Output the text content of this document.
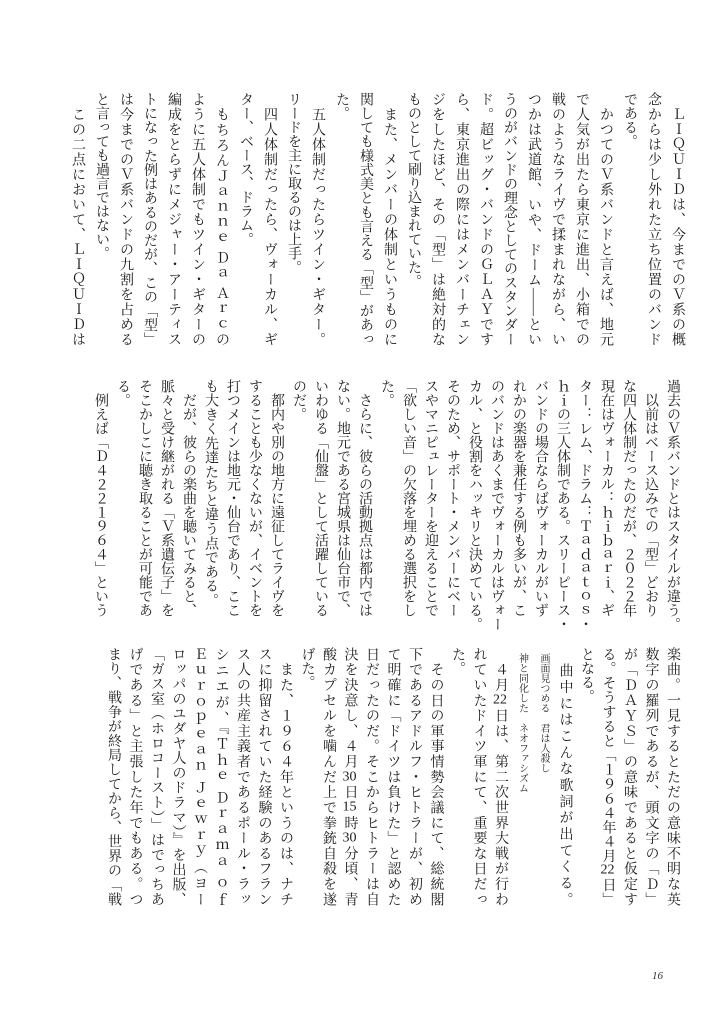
　ＬＩＱＵＩＤは、今までのＶ系の概
念からは少し外れた立ち位置のバンド
である。
　かつてのＶ系バンドと言えば、地元
で人気が出たら東京に進出、小箱での
戦のようなライヴで揉まれながら、い
つかは武道館、いや、ドーム――とい
うのがバンドの理念としてのスタンダー
ド。超ビッグ・バンドのＧＬＡＹです
ら、東京進出の際にはメンバーチェン
ジをしたほど、その「型」は絶対的な
ものとして刷り込まれていた。
　また、メンバーの体制というものに
関しても様式美とも言える「型」があっ
た。
　五人体制だったらツイン・ギター。
リードを主に取るのは上手。
　四人体制だったら、ヴォーカル、ギ
ター、ベース、ドラム。
　もちろんＪａｎｎｅ Ｄａ Ａｒｃの
ように五人体制でもツイン・ギターの
編成をとらずにメジャー・アーティス
トになった例はあるのだが、この「型」
は今までのＶ系バンドの九割を占める
と言っても過言ではない。
　この二点において、ＬＩＱＵＩＤは
過去のＶ系バンドとはスタイルが違う。
　以前はベース込みでの「型」どおり
な四人体制だったのだが、２０２２年
現在はヴォーカル：ｈｉｂａｒｉ、ギ
ター：レム、ドラム：Ｔａｄａｔｏｓ・
ｈｉの三人体制である。スリーピース・
バンドの場合ならばヴォーカルがいず
れかの楽器を兼任する例も多いが、こ
のバンドはあくまでヴォーカルはヴォー
カル、と役割をハッキリと決めている。
そのため、サポート・メンバーにベー
スやマニピュレーターを迎えることで
「欲しい音」の欠落を埋める選択をし
た。
　さらに、彼らの活動拠点は都内では
ない。地元である宮城県は仙台市で、
いわゆる「仙盤」として活躍している
のだ。
　都内や別の地方に遠征してライヴを
することも少なくないが、イベントを
打つメインは地元・仙台であり、ここ
も大きく先達たちと違う点である。
　だが、彼らの楽曲を聴いてみると、
脈々と受け継がれる「Ｖ系遺伝子」を
そこかしこに聴き取ることが可能であ
る。
　例えば「Ｄ４２２１９６４」という
楽曲。一見するとただの意味不明な英
数字の羅列であるが、頭文字の「Ｄ」
が「ＤＡＹＳ」の意味であると仮定す
る。そうすると「１９６４年４月22日」
となる。
　曲中にはこんな歌詞が出てくる。
画面見つめる　君は人殺し
神と同化した　ネオファシズム
　４月22日は、第二次世界大戦が行わ
れていたドイツ軍にて、重要な日だっ
た。
　その日の軍事情勢会議にて、総統閣
下であるアドルフ・ヒトラーが、初め
て明確に「ドイツは負けた」と認めた
日だったのだ。そこからヒトラーは自
決を決意し、４月30日15時30分頃、青
酸カプセルを噛んだ上で拳銃自殺を遂
げた。
　また、１９６４年というのは、ナチ
スに抑留されていた経験のあるフラン
ス人の共産主義者であるポール・ラッ
シニエが、『Ｔｈｅ Ｄｒａｍａ ｏｆ
Ｅｕｒｏｐｅａｎ Ｊｅｗｒｙ（ヨー
ロッパのユダヤ人のドラマ）』を出版、
「ガス室（ホロコースト）」はでっちあ
げである」と主張した年でもある。つ
まり、戦争が終局してから、世界の「戦
16
